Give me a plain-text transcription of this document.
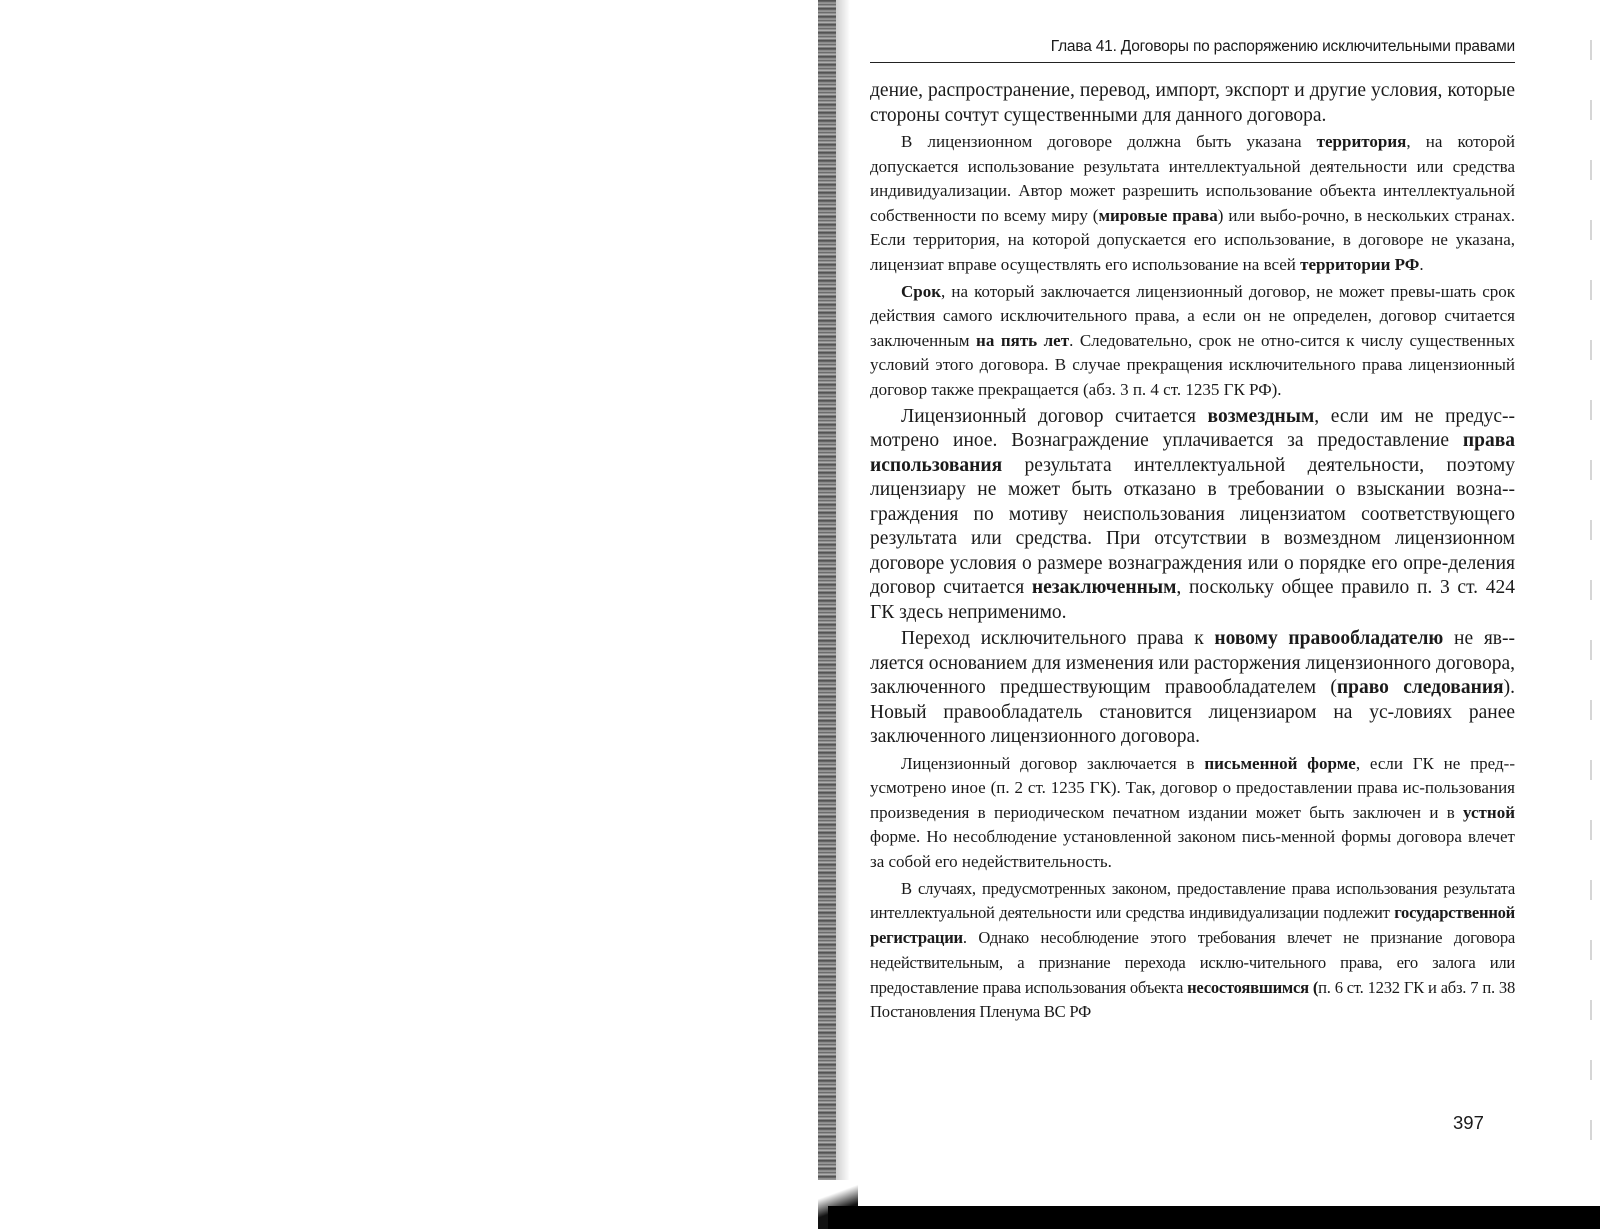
Глава 41. Договоры по распоряжению исключительными правами

дение, распространение, перевод, импорт, экспорт и другие условия, которые стороны сочтут существенными для данного договора.

В лицензионном договоре должна быть указана территория, на которой допускается использование результата интеллектуальной деятельности или средства индивидуализации. Автор может разрешить использование объекта интеллектуальной собственности по всему миру (мировые права) или выбо-рочно, в нескольких странах. Если территория, на которой допускается его использование, в договоре не указана, лицензиат вправе осуществлять его использование на всей территории РФ.

Срок, на который заключается лицензионный договор, не может превы-шать срок действия самого исключительного права, а если он не определен, договор считается заключенным на пять лет. Следовательно, срок не отно-сится к числу существенных условий этого договора. В случае прекращения исключительного права лицензионный договор также прекращается (абз. 3 п. 4 ст. 1235 ГК РФ).

Лицензионный договор считается возмездным, если им не предус-мотрено иное. Вознаграждение уплачивается за предоставление права использования результата интеллектуальной деятельности, поэтому лицензиару не может быть отказано в требовании о взыскании возна-граждения по мотиву неиспользования лицензиатом соответствующего результата или средства. При отсутствии в возмездном лицензионном договоре условия о размере вознаграждения или о порядке его опре-деления договор считается незаключенным, поскольку общее правило п. 3 ст. 424 ГК здесь неприменимо.

Переход исключительного права к новому правообладателю не яв-ляется основанием для изменения или расторжения лицензионного договора, заключенного предшествующим правообладателем (право следования). Новый правообладатель становится лицензиаром на ус-ловиях ранее заключенного лицензионного договора.

Лицензионный договор заключается в письменной форме, если ГК не пред-усмотрено иное (п. 2 ст. 1235 ГК). Так, договор о предоставлении права ис-пользования произведения в периодическом печатном издании может быть заключен и в устной форме. Но несоблюдение установленной законом пись-менной формы договора влечет за собой его недействительность.

В случаях, предусмотренных законом, предоставление права использования результата интеллектуальной деятельности или средства индивидуализации подлежит государственной регистрации. Однако несоблюдение этого требования влечет не признание договора недействительным, а признание перехода исклю-чительного права, его залога или предоставление права использования объекта несостоявшимся (п. 6 ст. 1232 ГК и абз. 7 п. 38 Постановления Пленума ВС РФ

397
